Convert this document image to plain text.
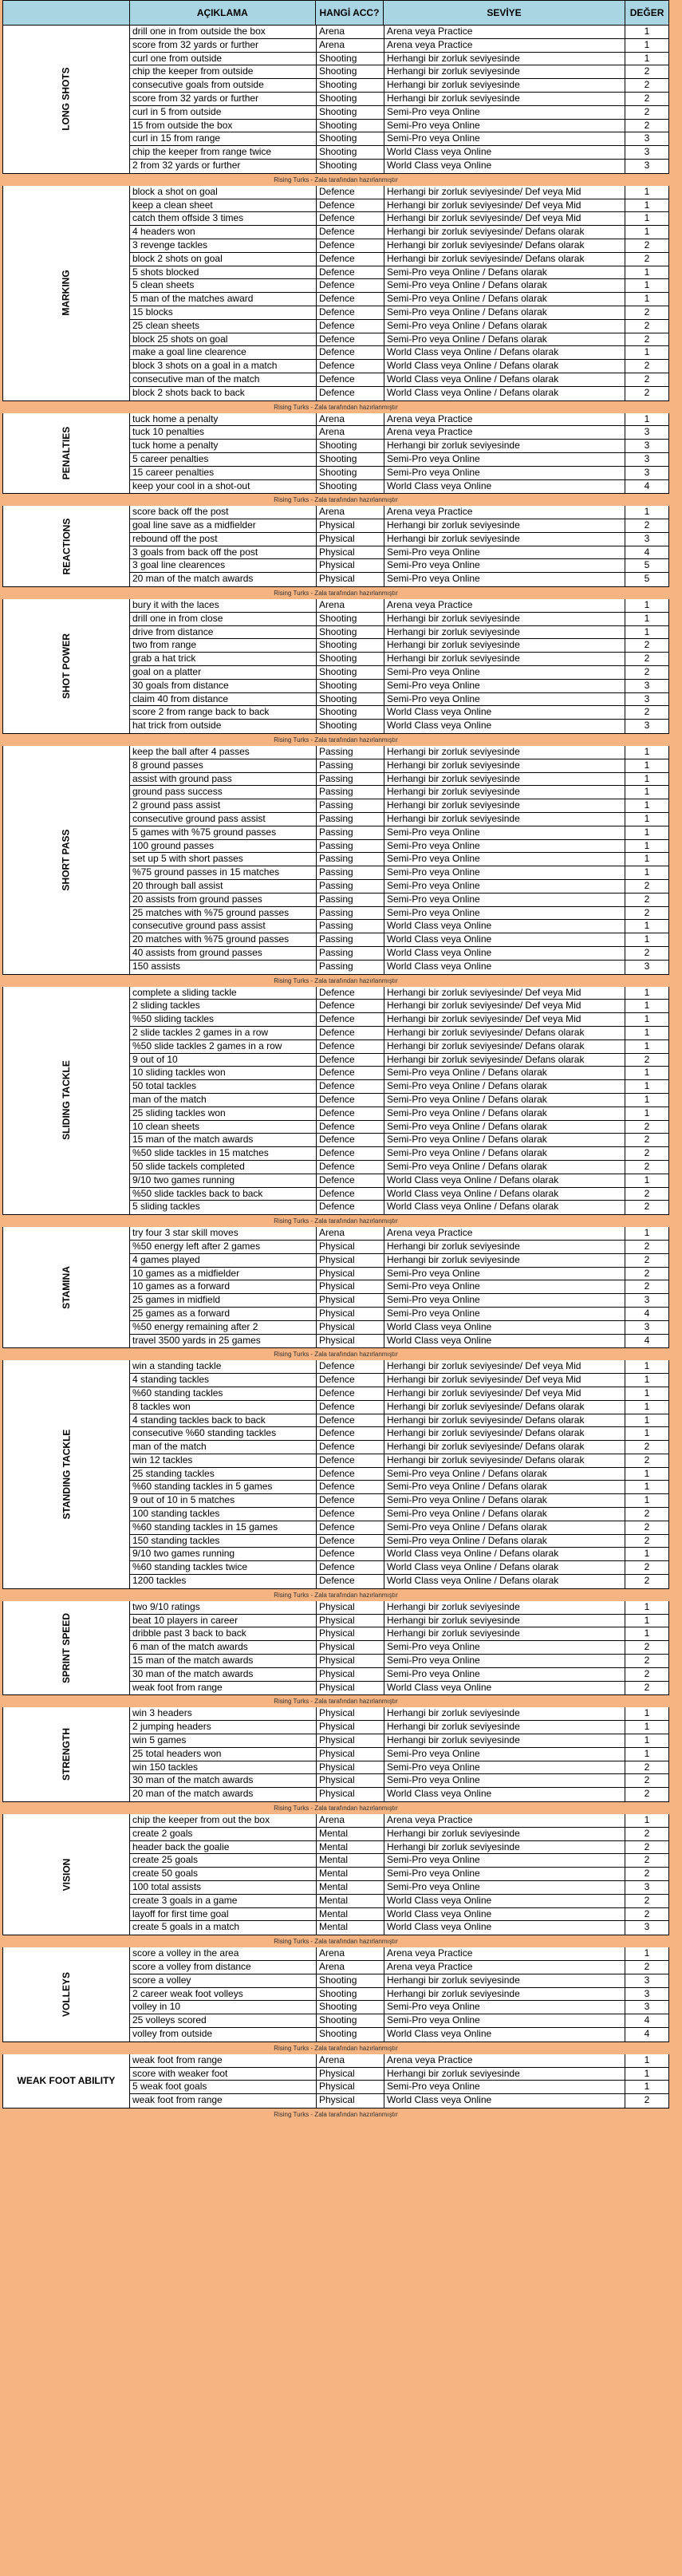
AÇIKLAMA	HANGİ ACC?	SEVİYE	DEĞER
LONG SHOTS
drill one in from outside the box	Arena	Arena veya Practice	1
score from 32 yards or further	Arena	Arena veya Practice	1
curl one from outside	Shooting	Herhangi bir zorluk seviyesinde	1
chip the keeper from outside	Shooting	Herhangi bir zorluk seviyesinde	2
consecutive goals from outside	Shooting	Herhangi bir zorluk seviyesinde	2
score from 32 yards or further	Shooting	Herhangi bir zorluk seviyesinde	2
curl in 5 from outside	Shooting	Semi-Pro veya Online	2
15 from outside the box	Shooting	Semi-Pro veya Online	2
curl in 15 from range	Shooting	Semi-Pro veya Online	3
chip the keeper from range twice	Shooting	World Class veya Online	3
2 from 32 yards or further	Shooting	World Class veya Online	3
Rising Turks - Zala tarafından hazırlanmıştır
MARKING
block a shot on goal	Defence	Herhangi bir zorluk seviyesinde/ Def veya Mid	1
keep a clean sheet	Defence	Herhangi bir zorluk seviyesinde/ Def veya Mid	1
catch them offside 3 times	Defence	Herhangi bir zorluk seviyesinde/ Def veya Mid	1
4 headers won	Defence	Herhangi bir zorluk seviyesinde/ Defans olarak	1
3 revenge tackles	Defence	Herhangi bir zorluk seviyesinde/ Defans olarak	2
block 2 shots on goal	Defence	Herhangi bir zorluk seviyesinde/ Defans olarak	2
5 shots blocked	Defence	Semi-Pro veya Online / Defans olarak	1
5 clean sheets	Defence	Semi-Pro veya Online / Defans olarak	1
5 man of the matches award	Defence	Semi-Pro veya Online / Defans olarak	1
15 blocks	Defence	Semi-Pro veya Online / Defans olarak	2
25 clean sheets	Defence	Semi-Pro veya Online / Defans olarak	2
block 25 shots on goal	Defence	Semi-Pro veya Online / Defans olarak	2
make a goal line clearence	Defence	World Class veya Online / Defans olarak	1
block 3 shots on a goal in a match	Defence	World Class veya Online / Defans olarak	2
consecutive man of the match	Defence	World Class veya Online / Defans olarak	2
block 2 shots back to back	Defence	World Class veya Online / Defans olarak	2
Rising Turks - Zala tarafından hazırlanmıştır
PENALTIES
tuck home a penalty	Arena	Arena veya Practice	1
tuck 10 penalties	Arena	Arena veya Practice	3
tuck home a penalty	Shooting	Herhangi bir zorluk seviyesinde	3
5 career penalties	Shooting	Semi-Pro veya Online	3
15 career penalties	Shooting	Semi-Pro veya Online	3
keep your cool in a shot-out	Shooting	World Class veya Online	4
Rising Turks - Zala tarafından hazırlanmıştır
REACTIONS
score back off the post	Arena	Arena veya Practice	1
goal line save as a midfielder	Physical	Herhangi bir zorluk seviyesinde	2
rebound off the post	Physical	Herhangi bir zorluk seviyesinde	3
3 goals from back off the post	Physical	Semi-Pro veya Online	4
3 goal line clearences	Physical	Semi-Pro veya Online	5
20 man of the match awards	Physical	Semi-Pro veya Online	5
Rising Turks - Zala tarafından hazırlanmıştır
SHOT POWER
bury it with the laces	Arena	Arena veya Practice	1
drill one in from close	Shooting	Herhangi bir zorluk seviyesinde	1
drive from distance	Shooting	Herhangi bir zorluk seviyesinde	1
two from range	Shooting	Herhangi bir zorluk seviyesinde	2
grab a hat trick	Shooting	Herhangi bir zorluk seviyesinde	2
goal on a platter	Shooting	Semi-Pro veya Online	2
30 goals from distance	Shooting	Semi-Pro veya Online	3
claim 40 from distance	Shooting	Semi-Pro veya Online	3
score 2 from range back to back	Shooting	World Class veya Online	2
hat trick from outside	Shooting	World Class veya Online	3
Rising Turks - Zala tarafından hazırlanmıştır
SHORT PASS
keep the ball after 4 passes	Passing	Herhangi bir zorluk seviyesinde	1
8 ground passes	Passing	Herhangi bir zorluk seviyesinde	1
assist with ground pass	Passing	Herhangi bir zorluk seviyesinde	1
ground pass success	Passing	Herhangi bir zorluk seviyesinde	1
2 ground pass assist	Passing	Herhangi bir zorluk seviyesinde	1
consecutive ground pass assist	Passing	Herhangi bir zorluk seviyesinde	1
5 games with %75 ground passes	Passing	Semi-Pro veya Online	1
100 ground passes	Passing	Semi-Pro veya Online	1
set up 5 with short passes	Passing	Semi-Pro veya Online	1
%75 ground passes in 15 matches	Passing	Semi-Pro veya Online	1
20 through ball assist	Passing	Semi-Pro veya Online	2
20 assists from ground passes	Passing	Semi-Pro veya Online	2
25 matches with %75 ground passes	Passing	Semi-Pro veya Online	2
consecutive ground pass assist	Passing	World Class veya Online	1
20 matches with %75 ground passes	Passing	World Class veya Online	1
40 assists from ground passes	Passing	World Class veya Online	2
150 assists	Passing	World Class veya Online	3
Rising Turks - Zala tarafından hazırlanmıştır
SLIDING TACKLE
complete a sliding tackle	Defence	Herhangi bir zorluk seviyesinde/ Def veya Mid	1
2 sliding tackles	Defence	Herhangi bir zorluk seviyesinde/ Def veya Mid	1
%50 sliding tackles	Defence	Herhangi bir zorluk seviyesinde/ Def veya Mid	1
2 slide tackles 2 games in a row	Defence	Herhangi bir zorluk seviyesinde/ Defans olarak	1
%50 slide tackles 2 games in a row	Defence	Herhangi bir zorluk seviyesinde/ Defans olarak	1
9 out of 10	Defence	Herhangi bir zorluk seviyesinde/ Defans olarak	2
10 sliding tackles won	Defence	Semi-Pro veya Online / Defans olarak	1
50 total tackles	Defence	Semi-Pro veya Online / Defans olarak	1
man of the match	Defence	Semi-Pro veya Online / Defans olarak	1
25 sliding tackles won	Defence	Semi-Pro veya Online / Defans olarak	1
10 clean sheets	Defence	Semi-Pro veya Online / Defans olarak	2
15 man of the match awards	Defence	Semi-Pro veya Online / Defans olarak	2
%50 slide tackles in 15 matches	Defence	Semi-Pro veya Online / Defans olarak	2
50 slide tackels completed	Defence	Semi-Pro veya Online / Defans olarak	2
9/10 two games running	Defence	World Class veya Online / Defans olarak	1
%50 slide tackles back to back	Defence	World Class veya Online / Defans olarak	2
5 sliding tackles	Defence	World Class veya Online / Defans olarak	2
Rising Turks - Zala tarafından hazırlanmıştır
STAMINA
try four 3 star skill moves	Arena	Arena veya Practice	1
%50 energy left after 2 games	Physical	Herhangi bir zorluk seviyesinde	2
4 games played	Physical	Herhangi bir zorluk seviyesinde	2
10 games as a midfielder	Physical	Semi-Pro veya Online	2
10 games as a forward	Physical	Semi-Pro veya Online	2
25 games in midfield	Physical	Semi-Pro veya Online	3
25 games as a forward	Physical	Semi-Pro veya Online	4
%50 energy remaining after 2	Physical	World Class veya Online	3
travel 3500 yards in 25 games	Physical	World Class veya Online	4
Rising Turks - Zala tarafından hazırlanmıştır
STANDING TACKLE
win a standing tackle	Defence	Herhangi bir zorluk seviyesinde/ Def veya Mid	1
4 standing tackles	Defence	Herhangi bir zorluk seviyesinde/ Def veya Mid	1
%60 standing tackles	Defence	Herhangi bir zorluk seviyesinde/ Def veya Mid	1
8 tackles won	Defence	Herhangi bir zorluk seviyesinde/ Defans olarak	1
4 standing tackles back to back	Defence	Herhangi bir zorluk seviyesinde/ Defans olarak	1
consecutive %60 standing tackles	Defence	Herhangi bir zorluk seviyesinde/ Defans olarak	1
man of the match	Defence	Herhangi bir zorluk seviyesinde/ Defans olarak	2
win 12 tackles	Defence	Herhangi bir zorluk seviyesinde/ Defans olarak	2
25 standing tackles	Defence	Semi-Pro veya Online / Defans olarak	1
%60 standing tackles in 5 games	Defence	Semi-Pro veya Online / Defans olarak	1
9 out of 10 in 5 matches	Defence	Semi-Pro veya Online / Defans olarak	1
100 standing tackles	Defence	Semi-Pro veya Online / Defans olarak	2
%60 standing tackles in 15 games	Defence	Semi-Pro veya Online / Defans olarak	2
150 standing tackles	Defence	Semi-Pro veya Online / Defans olarak	2
9/10 two games running	Defence	World Class veya Online / Defans olarak	1
%60 standing tackles twice	Defence	World Class veya Online / Defans olarak	2
1200 tackles	Defence	World Class veya Online / Defans olarak	2
Rising Turks - Zala tarafından hazırlanmıştır
SPRINT SPEED
two 9/10 ratings	Physical	Herhangi bir zorluk seviyesinde	1
beat 10 players in career	Physical	Herhangi bir zorluk seviyesinde	1
dribble past 3 back to back	Physical	Herhangi bir zorluk seviyesinde	1
6 man of the match awards	Physical	Semi-Pro veya Online	2
15 man of the match awards	Physical	Semi-Pro veya Online	2
30 man of the match awards	Physical	Semi-Pro veya Online	2
weak foot from range	Physical	World Class veya Online	2
Rising Turks - Zala tarafından hazırlanmıştır
STRENGTH
win 3 headers	Physical	Herhangi bir zorluk seviyesinde	1
2 jumping headers	Physical	Herhangi bir zorluk seviyesinde	1
win 5 games	Physical	Herhangi bir zorluk seviyesinde	1
25 total headers won	Physical	Semi-Pro veya Online	1
win 150 tackles	Physical	Semi-Pro veya Online	2
30 man of the match awards	Physical	Semi-Pro veya Online	2
20 man of the match awards	Physical	World Class veya Online	2
Rising Turks - Zala tarafından hazırlanmıştır
VISION
chip the keeper from out the box	Arena	Arena veya Practice	1
create 2 goals	Mental	Herhangi bir zorluk seviyesinde	2
header back the goalie	Mental	Herhangi bir zorluk seviyesinde	2
create 25 goals	Mental	Semi-Pro veya Online	2
create 50 goals	Mental	Semi-Pro veya Online	2
100 total assists	Mental	Semi-Pro veya Online	3
create 3 goals in a game	Mental	World Class veya Online	2
layoff for first time goal	Mental	World Class veya Online	2
create 5 goals in a match	Mental	World Class veya Online	3
Rising Turks - Zala tarafından hazırlanmıştır
VOLLEYS
score a volley in the area	Arena	Arena veya Practice	1
score a volley from distance	Arena	Arena veya Practice	2
score a volley	Shooting	Herhangi bir zorluk seviyesinde	3
2 career weak foot volleys	Shooting	Herhangi bir zorluk seviyesinde	3
volley in 10	Shooting	Semi-Pro veya Online	3
25 volleys scored	Shooting	Semi-Pro veya Online	4
volley from outside	Shooting	World Class veya Online	4
Rising Turks - Zala tarafından hazırlanmıştır
WEAK FOOT ABILITY
weak foot from range	Arena	Arena veya Practice	1
score with weaker foot	Physical	Herhangi bir zorluk seviyesinde	1
5 weak foot goals	Physical	Semi-Pro veya Online	1
weak foot from range	Physical	World Class veya Online	2
Rising Turks - Zala tarafından hazırlanmıştır
